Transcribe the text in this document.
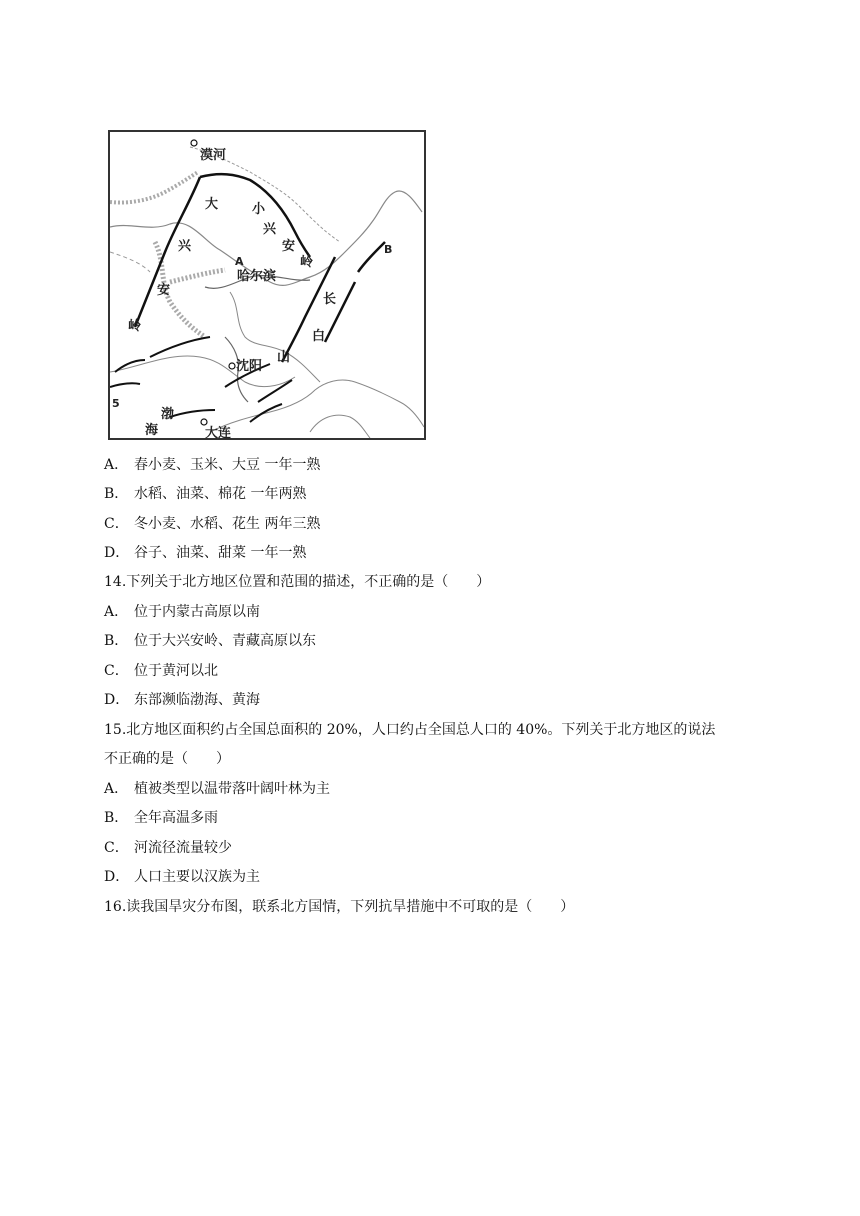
漠河
大
兴
安
岭
小
兴
安
岭
A
B
哈尔滨
长
白
山
沈阳
渤
海	大连
5
A． 春小麦、玉米、大豆 一年一熟
B． 水稻、油菜、棉花 一年两熟
C． 冬小麦、水稻、花生 两年三熟
D． 谷子、油菜、甜菜 一年一熟
14.下列关于北方地区位置和范围的描述，不正确的是（　　）
A． 位于内蒙古高原以南
B． 位于大兴安岭、青藏高原以东
C． 位于黄河以北
D． 东部濒临渤海、黄海
15.北方地区面积约占全国总面积的 20%，人口约占全国总人口的 40%。下列关于北方地区的说法
不正确的是（　　）
A． 植被类型以温带落叶阔叶林为主
B． 全年高温多雨
C． 河流径流量较少
D． 人口主要以汉族为主
16.读我国旱灾分布图，联系北方国情，下列抗旱措施中不可取的是（　　）
